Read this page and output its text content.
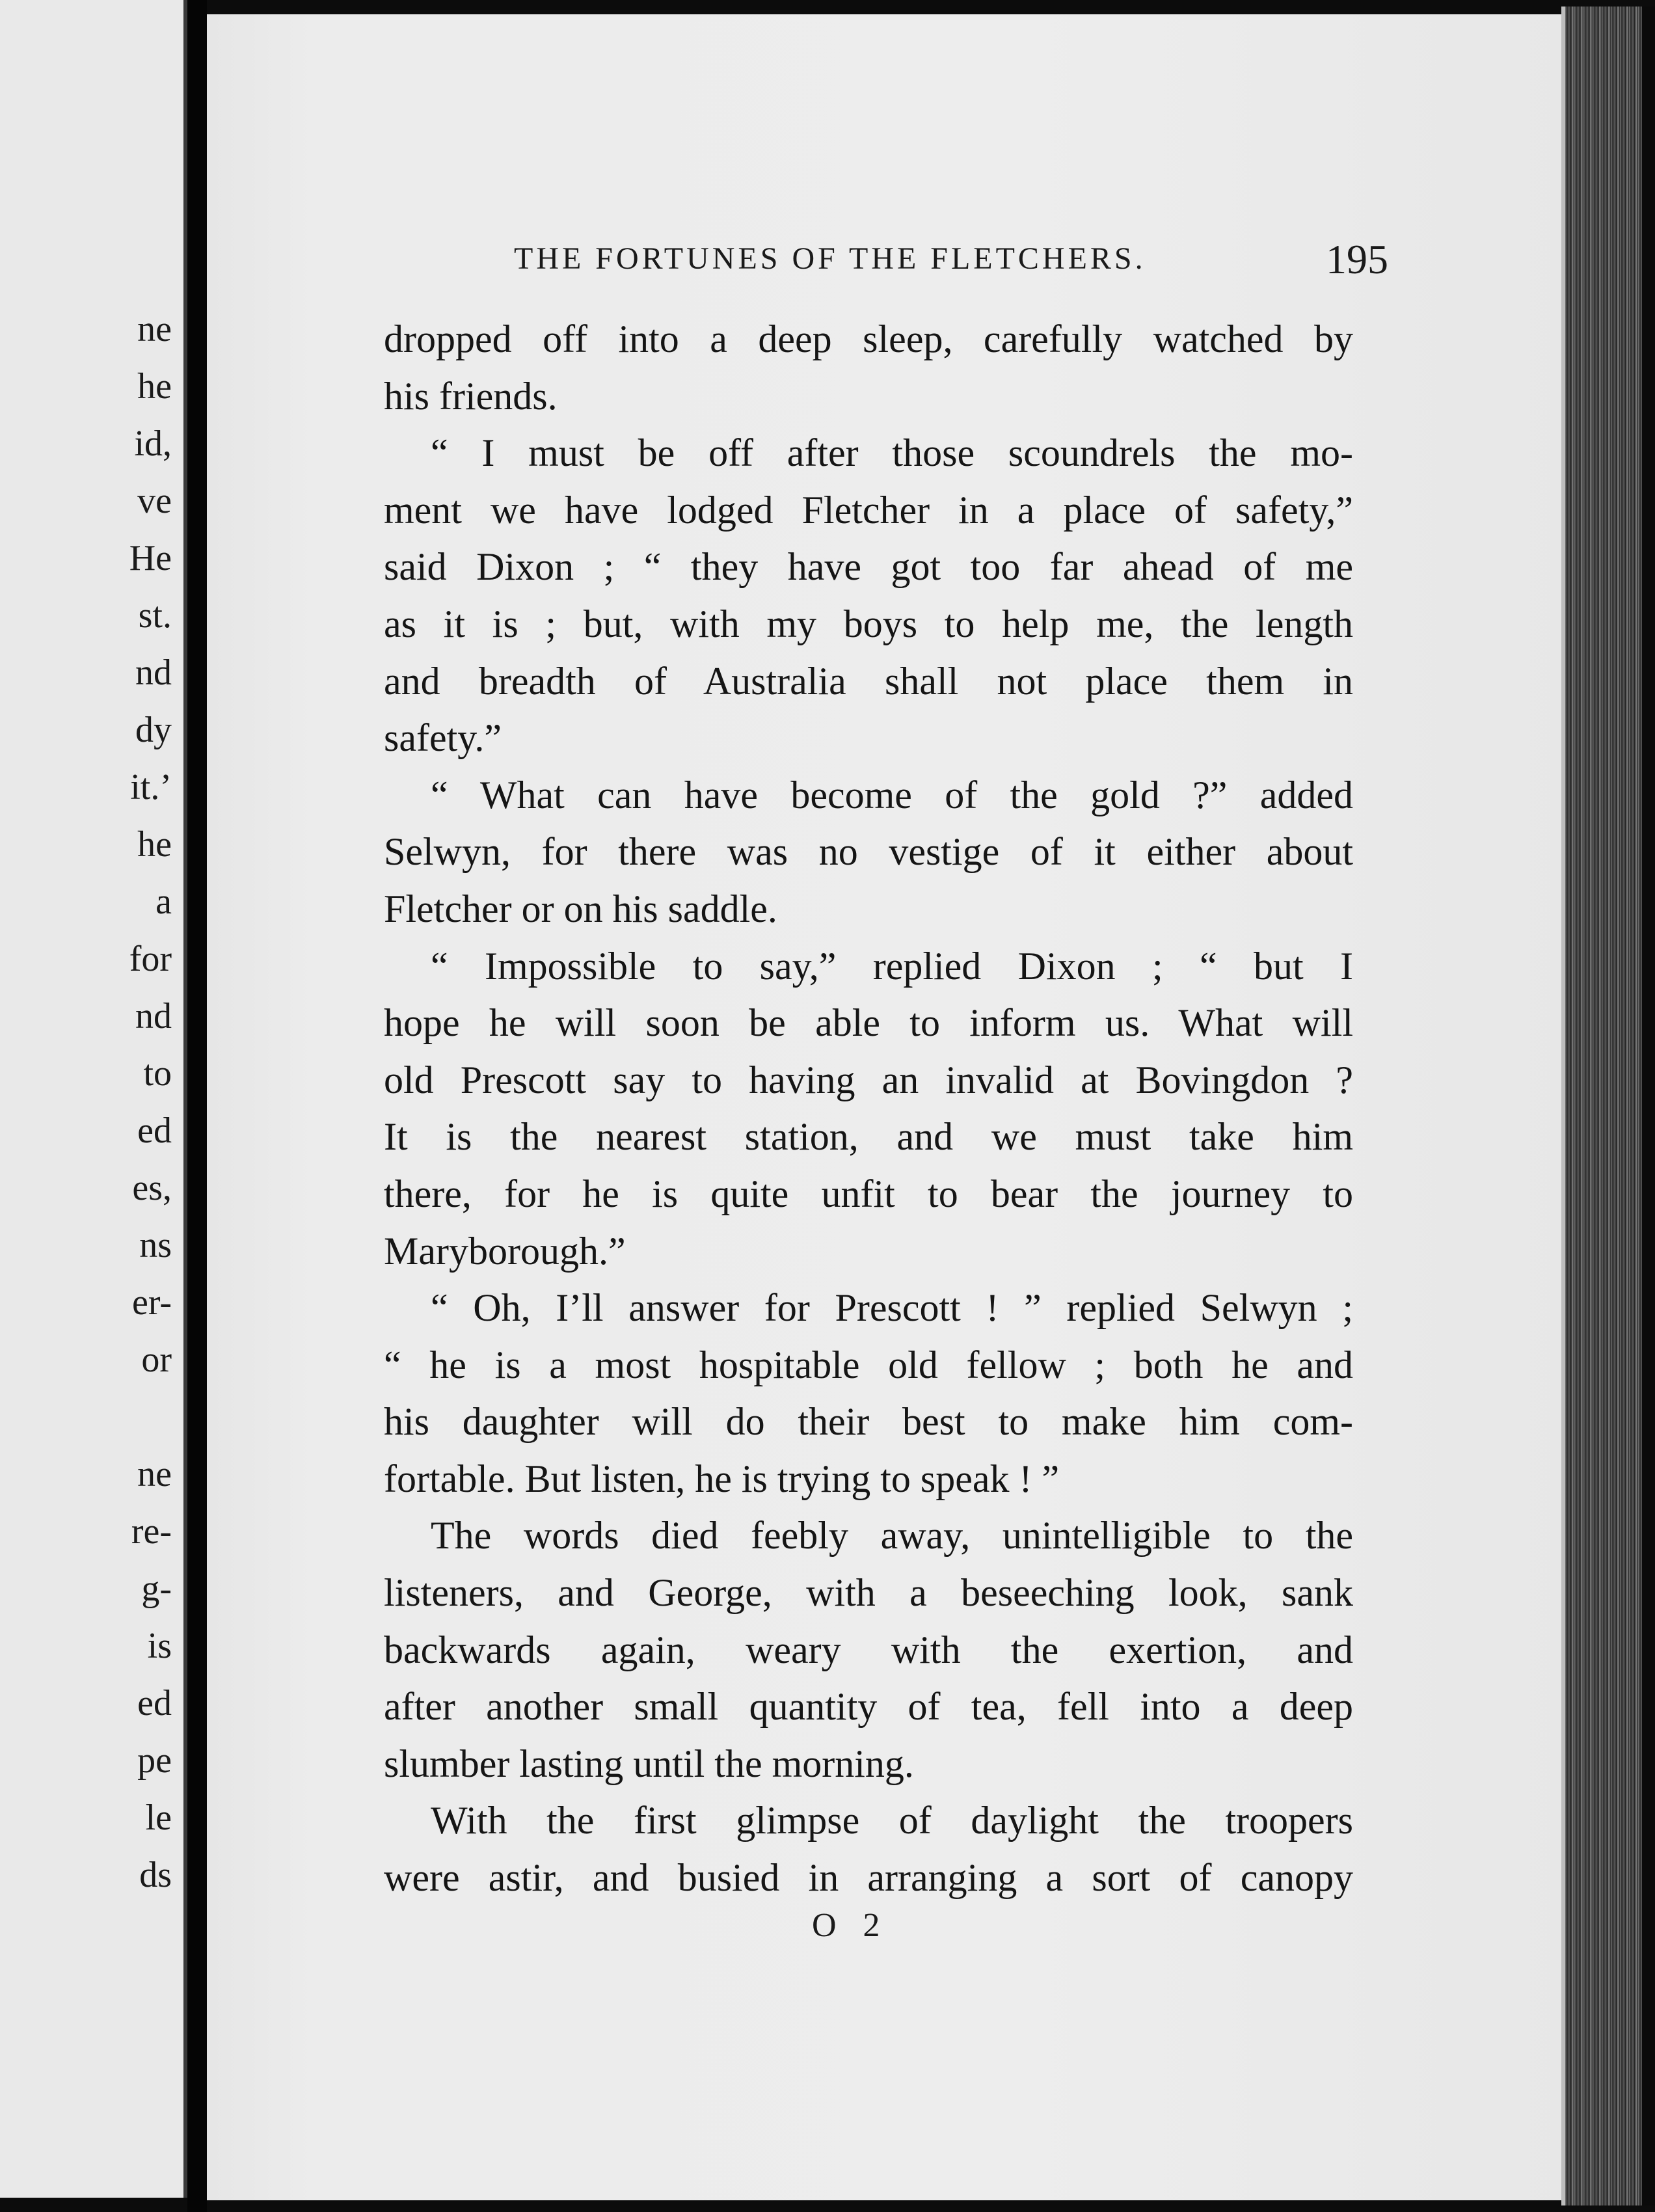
ne
he
id,
ve
He
st.
nd
dy
it.’
he
a
for
nd
to
ed
es,
ns
er-
or
ne
re-
g-
is
ed
pe
le
ds
THE FORTUNES OF THE FLETCHERS.	195
dropped off into a deep sleep, carefully watched by
his friends.
“ I must be off after those scoundrels the mo-
ment we have lodged Fletcher in a place of safety,”
said Dixon ; “ they have got too far ahead of me
as it is ; but, with my boys to help me, the length
and breadth of Australia shall not place them in
safety.”
“ What can have become of the gold ?” added
Selwyn, for there was no vestige of it either about
Fletcher or on his saddle.
“ Impossible to say,” replied Dixon ; “ but I
hope he will soon be able to inform us. What will
old Prescott say to having an invalid at Bovingdon ?
It is the nearest station, and we must take him
there, for he is quite unfit to bear the journey to
Maryborough.”
“ Oh, I’ll answer for Prescott ! ” replied Selwyn ;
“ he is a most hospitable old fellow ; both he and
his daughter will do their best to make him com-
fortable. But listen, he is trying to speak ! ”
The words died feebly away, unintelligible to the
listeners, and George, with a beseeching look, sank
backwards again, weary with the exertion, and
after another small quantity of tea, fell into a deep
slumber lasting until the morning.
With the first glimpse of daylight the troopers
were astir, and busied in arranging a sort of canopy
O 2
